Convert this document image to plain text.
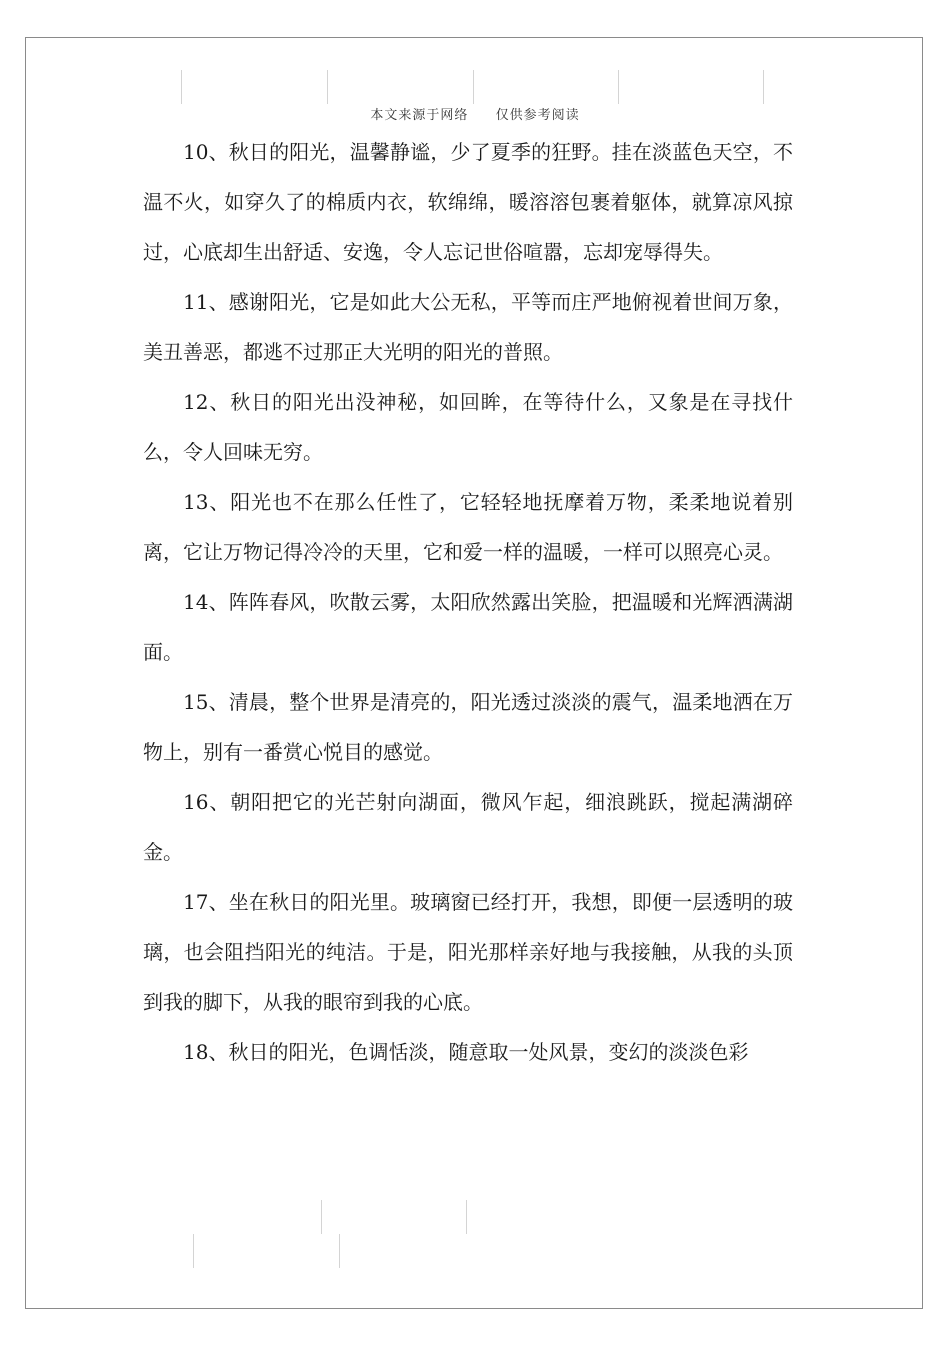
本文来源于网络 仅供参考阅读

10、秋日的阳光，温馨静谧，少了夏季的狂野。挂在淡蓝色天空，不温不火，如穿久了的棉质内衣，软绵绵，暖溶溶包裹着躯体，就算凉风掠过，心底却生出舒适、安逸，令人忘记世俗喧嚣，忘却宠辱得失。

11、感谢阳光，它是如此大公无私，平等而庄严地俯视着世间万象，美丑善恶，都逃不过那正大光明的阳光的普照。

12、秋日的阳光出没神秘，如回眸，在等待什么，又象是在寻找什么，令人回味无穷。

13、阳光也不在那么任性了，它轻轻地抚摩着万物，柔柔地说着别离，它让万物记得冷冷的天里，它和爱一样的温暖，一样可以照亮心灵。

14、阵阵春风，吹散云雾，太阳欣然露出笑脸，把温暖和光辉洒满湖面。

15、清晨，整个世界是清亮的，阳光透过淡淡的震气，温柔地洒在万物上，别有一番赏心悦目的感觉。

16、朝阳把它的光芒射向湖面，微风乍起，细浪跳跃，搅起满湖碎金。

17、坐在秋日的阳光里。玻璃窗已经打开，我想，即便一层透明的玻璃，也会阻挡阳光的纯洁。于是，阳光那样亲好地与我接触，从我的头顶到我的脚下，从我的眼帘到我的心底。

18、秋日的阳光，色调恬淡，随意取一处风景，变幻的淡淡色彩
